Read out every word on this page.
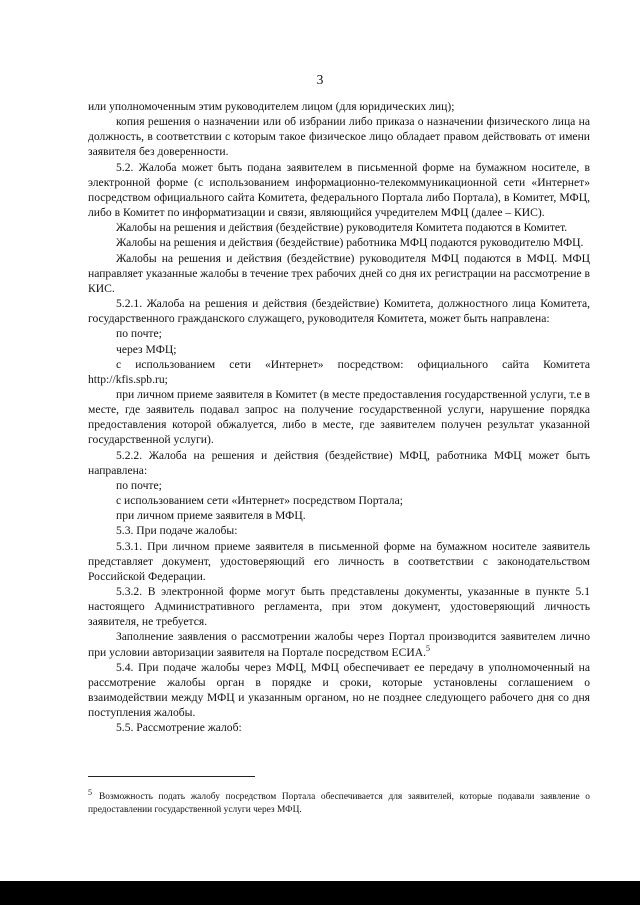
3

или уполномоченным этим руководителем лицом (для юридических лиц);

копия решения о назначении или об избрании либо приказа о назначении физического лица на должность, в соответствии с которым такое физическое лицо обладает правом действовать от имени заявителя без доверенности.

5.2. Жалоба может быть подана заявителем в письменной форме на бумажном носителе, в электронной форме (с использованием информационно-телекоммуникационной сети «Интернет» посредством официального сайта Комитета, федерального Портала либо Портала), в Комитет, МФЦ, либо в Комитет по информатизации и связи, являющийся учредителем МФЦ (далее – КИС).

Жалобы на решения и действия (бездействие) руководителя Комитета подаются в Комитет.

Жалобы на решения и действия (бездействие) работника МФЦ подаются руководителю МФЦ.

Жалобы на решения и действия (бездействие) руководителя МФЦ подаются в МФЦ. МФЦ направляет указанные жалобы в течение трех рабочих дней со дня их регистрации на рассмотрение в КИС.

5.2.1. Жалоба на решения и действия (бездействие) Комитета, должностного лица Комитета, государственного гражданского служащего, руководителя Комитета, может быть направлена:

по почте;

через МФЦ;

с использованием сети «Интернет» посредством: официального сайта Комитета http://kfis.spb.ru;

при личном приеме заявителя в Комитет (в месте предоставления государственной услуги, т.е в месте, где заявитель подавал запрос на получение государственной услуги, нарушение порядка предоставления которой обжалуется, либо в месте, где заявителем получен результат указанной государственной услуги).

5.2.2. Жалоба на решения и действия (бездействие) МФЦ, работника МФЦ может быть направлена:

по почте;

с использованием сети «Интернет» посредством Портала;

при личном приеме заявителя в МФЦ.

5.3. При подаче жалобы:

5.3.1. При личном приеме заявителя в письменной форме на бумажном носителе заявитель представляет документ, удостоверяющий его личность в соответствии с законодательством Российской Федерации.

5.3.2. В электронной форме могут быть представлены документы, указанные в пункте 5.1 настоящего Административного регламента, при этом документ, удостоверяющий личность заявителя, не требуется.

Заполнение заявления о рассмотрении жалобы через Портал производится заявителем лично при условии авторизации заявителя на Портале посредством ЕСИА.$^5$

5.4. При подаче жалобы через МФЦ, МФЦ обеспечивает ее передачу в уполномоченный на рассмотрение жалобы орган в порядке и сроки, которые установлены соглашением о взаимодействии между МФЦ и указанным органом, но не позднее следующего рабочего дня со дня поступления жалобы.

5.5. Рассмотрение жалоб:

5 Возможность подать жалобу посредством Портала обеспечивается для заявителей, которые подавали заявление о предоставлении государственной услуги через МФЦ.
